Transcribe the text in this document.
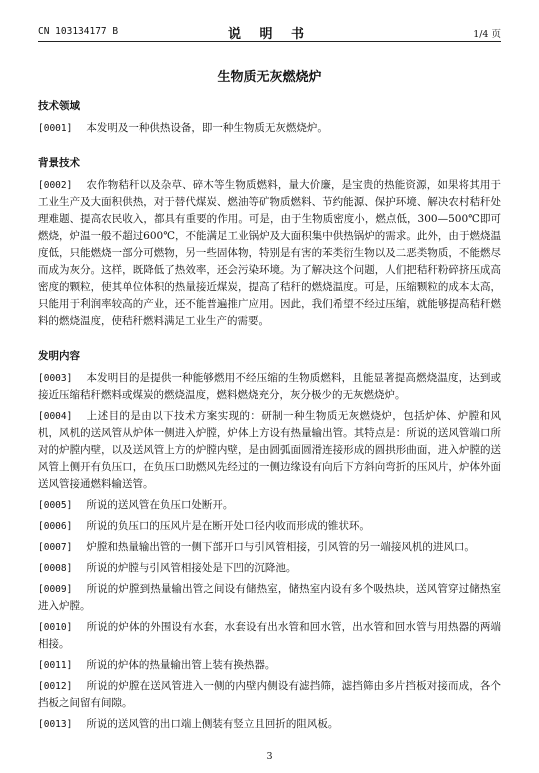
CN 103134177 B	说 明 书	1/4 页
生物质无灰燃烧炉
技术领域

[0001] 本发明及一种供热设备，即一种生物质无灰燃烧炉。

背景技术

[0002] 农作物秸秆以及杂草、碎木等生物质燃料，量大价廉，是宝贵的热能资源，如果将其用于工业生产及大面积供热，对于替代煤炭、燃油等矿物质燃料、节约能源、保护环境、解决农村秸秆处理难题、提高农民收入，都具有重要的作用。可是，由于生物质密度小，燃点低，300—500℃即可燃烧，炉温一般不超过600℃，不能满足工业锅炉及大面积集中供热锅炉的需求。此外，由于燃烧温度低，只能燃烧一部分可燃物，另一些固体物，特别是有害的苯类衍生物以及二恶类物质，不能燃尽而成为灰分。这样，既降低了热效率，还会污染环境。为了解决这个问题，人们把秸秆粉碎挤压成高密度的颗粒，使其单位体积的热量接近煤炭，提高了秸秆的燃烧温度。可是，压缩颗粒的成本太高，只能用于利润率较高的产业，还不能普遍推广应用。因此，我们希望不经过压缩，就能够提高秸秆燃料的燃烧温度，使秸秆燃料满足工业生产的需要。

发明内容

[0003] 本发明目的是提供一种能够燃用不经压缩的生物质燃料，且能显著提高燃烧温度，达到或接近压缩秸秆燃料或煤炭的燃烧温度，燃料燃烧充分，灰分极少的无灰燃烧炉。

[0004] 上述目的是由以下技术方案实现的：研制一种生物质无灰燃烧炉，包括炉体、炉膛和风机，风机的送风管从炉体一侧进入炉膛，炉体上方设有热量输出管。其特点是：所说的送风管端口所对的炉膛内壁，以及送风管上方的炉膛内壁，是由圆弧面圆滑连接形成的圆拱形曲面，进入炉膛的送风管上侧开有负压口，在负压口助燃风先经过的一侧边缘设有向后下方斜向弯折的压风片，炉体外面送风管接通燃料输送管。

[0005] 所说的送风管在负压口处断开。

[0006] 所说的负压口的压风片是在断开处口径内收而形成的锥状环。

[0007] 炉膛和热量输出管的一侧下部开口与引风管相接，引风管的另一端接风机的进风口。

[0008] 所说的炉膛与引风管相接处是下凹的沉降池。

[0009] 所说的炉膛到热量输出管之间设有储热室，储热室内设有多个吸热块，送风管穿过储热室进入炉膛。

[0010] 所说的炉体的外围设有水套，水套设有出水管和回水管，出水管和回水管与用热器的两端相接。

[0011] 所说的炉体的热量输出管上装有换热器。

[0012] 所说的炉膛在送风管进入一侧的内壁内侧设有滤挡筛，滤挡筛由多片挡板对接而成，各个挡板之间留有间隙。

[0013] 所说的送风管的出口端上侧装有竖立且回折的阻风板。

3
